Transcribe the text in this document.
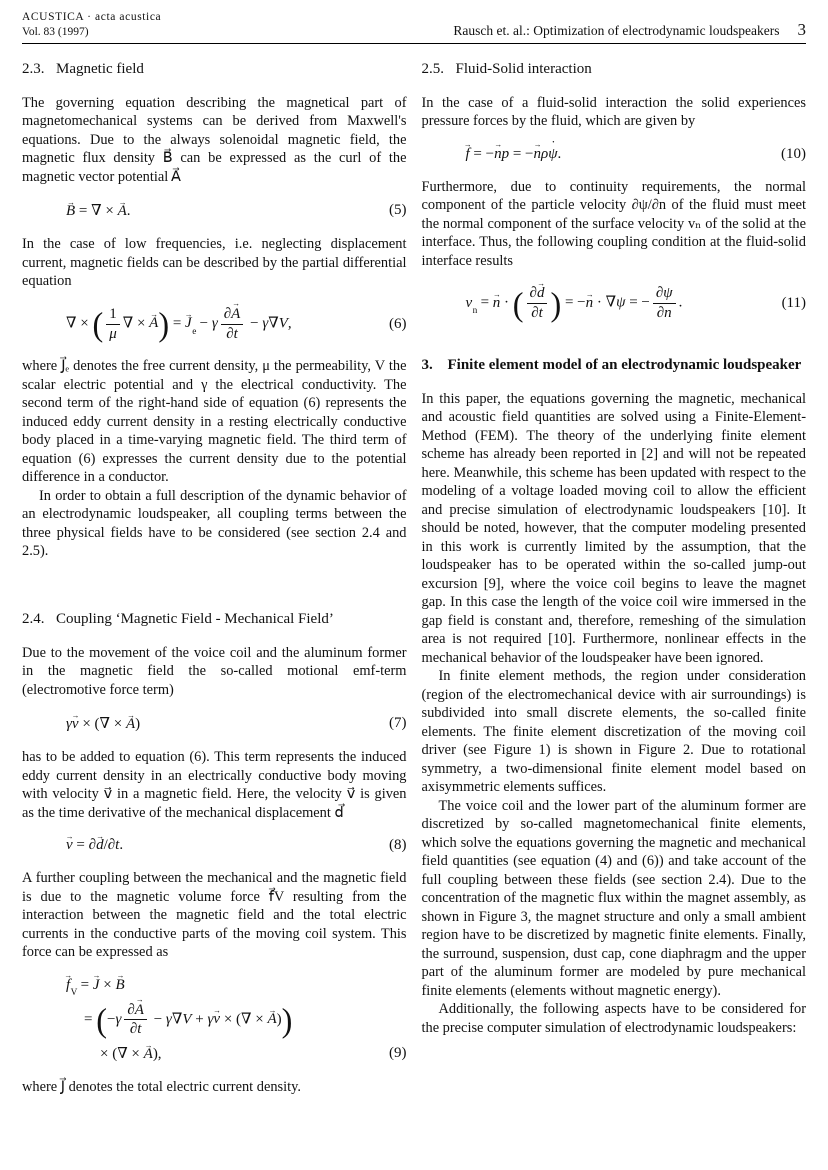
ACUSTICA · acta acustica
Vol. 83 (1997)	Rausch et. al.: Optimization of electrodynamic loudspeakers 3
2.3. Magnetic field

The governing equation describing the magnetical part of magnetomechanical systems can be derived from Maxwell's equations. Due to the always solenoidal magnetic field, the magnetic flux density B⃗ can be expressed as the curl of the magnetic vector potential A⃗

B → = ∇ × A →.	(5)

In the case of low frequencies, i.e. neglecting displacement current, magnetic fields can be described by the partial differential equation

∇ × ( $\frac{1}{\mu}$ ∇ × A →) = $J \to_e - \gamma \frac{\partial A \to}{\partial t} - \gamma\nabla V$,	(6)

where J⃗ₑ denotes the free current density, μ the permeability, V the scalar electric potential and γ the electrical conductivity. The second term of the right-hand side of equation (6) represents the induced eddy current density in a resting electrically conductive body placed in a time-varying magnetic field. The third term of equation (6) expresses the current density due to the potential difference in a conductor.

In order to obtain a full description of the dynamic behavior of an electrodynamic loudspeaker, all coupling terms between the three physical fields have to be considered (see section 2.4 and 2.5).

2.4. Coupling ‘Magnetic Field - Mechanical Field’

Due to the movement of the voice coil and the aluminum former in the magnetic field the so-called motional emf-term (electromotive force term)

γv → × (∇ × A →)	(7)

has to be added to equation (6). This term represents the induced eddy current density in an electrically conductive body moving with velocity v⃗ in a magnetic field. Here, the velocity v⃗ is given as the time derivative of the mechanical displacement d⃗

v → = ∂d →/∂t.	(8)

A further coupling between the mechanical and the magnetic field is due to the magnetic volume force f⃗V resulting from the interaction between the magnetic field and the total electric currents in the conductive parts of the moving coil system. This force can be expressed as

$f \to_V = J$ → × B →
= ($-\gamma \frac{\partial A \to}{\partial t} - \gamma\nabla V + \gamma v$ → × (∇ × A →))
× (∇ × A →),	(9)

where J⃗ denotes the total electric current density.

2.5. Fluid-Solid interaction

In the case of a fluid-solid interaction the solid experiences pressure forces by the fluid, which are given by

f → = −n →p = −n →ρψ ˙.	(10)

Furthermore, due to continuity requirements, the normal component of the particle velocity ∂ψ/∂n of the fluid must meet the normal component of the surface velocity vₙ of the solid at the interface. Thus, the following coupling condition at the fluid-solid interface results

$v_n = n$ → · ( $\frac{\partial d \to}{\partial t}$ ) = −n → · ∇ψ = − $\frac{\partial\psi}{\partial n}$ .	(11)
3. Finite element model of an electrodynamic loudspeaker

In this paper, the equations governing the magnetic, mechanical and acoustic field quantities are solved using a Finite-Element-Method (FEM). The theory of the underlying finite element scheme has already been reported in [2] and will not be repeated here. Meanwhile, this scheme has been updated with respect to the modeling of a voltage loaded moving coil to allow the efficient and precise simulation of electrodynamic loudspeakers [10]. It should be noted, however, that the computer modeling presented in this work is currently limited by the assumption, that the loudspeaker has to be operated within the so-called jump-out excursion [9], where the voice coil begins to leave the magnet gap. In this case the length of the voice coil wire immersed in the gap field is constant and, therefore, remeshing of the simulation area is not required [10]. Furthermore, nonlinear effects in the mechanical behavior of the loudspeaker have been ignored.

In finite element methods, the region under consideration (region of the electromechanical device with air surroundings) is subdivided into small discrete elements, the so-called finite elements. The finite element discretization of the moving coil driver (see Figure 1) is shown in Figure 2. Due to rotational symmetry, a two-dimensional finite element model based on axisymmetric elements suffices.

The voice coil and the lower part of the aluminum former are discretized by so-called magnetomechanical finite elements, which solve the equations governing the magnetic and mechanical field quantities (see equation (4) and (6)) and take account of the full coupling between these fields (see section 2.4). Due to the concentration of the magnetic flux within the magnet assembly, as shown in Figure 3, the magnet structure and only a small ambient region have to be discretized by magnetic finite elements. Finally, the surround, suspension, dust cap, cone diaphragm and the upper part of the aluminum former are modeled by pure mechanical finite elements (elements without magnetic energy).

Additionally, the following aspects have to be considered for the precise computer simulation of electrodynamic loudspeakers:
